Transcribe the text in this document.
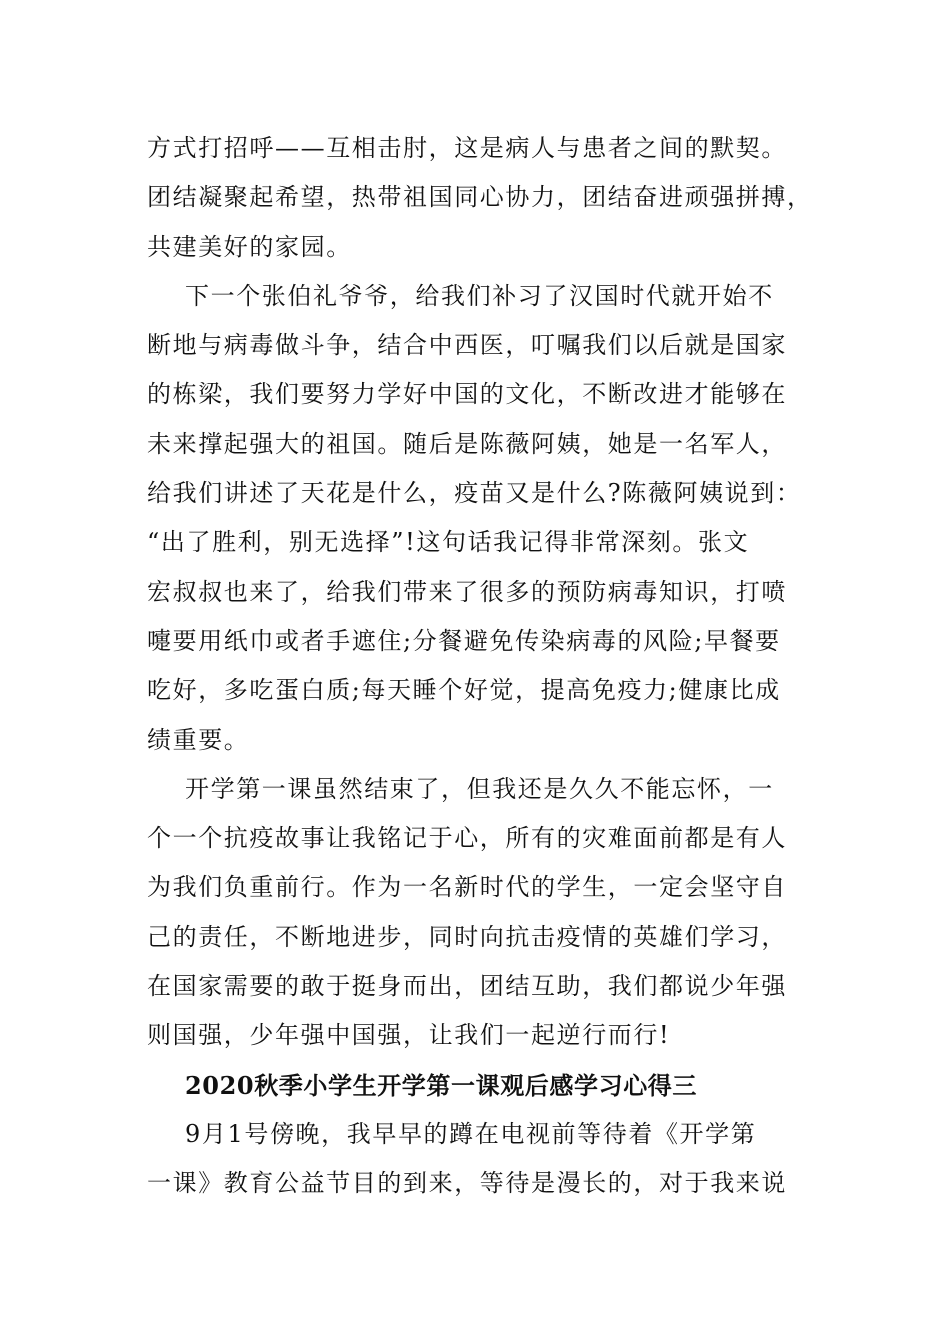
方式打招呼——互相击肘，这是病人与患者之间的默契。
团结凝聚起希望，热带祖国同心协力，团结奋进顽强拼搏，
共建美好的家园。
下一个张伯礼爷爷，给我们补习了汉国时代就开始不
断地与病毒做斗争，结合中西医，叮嘱我们以后就是国家
的栋梁，我们要努力学好中国的文化，不断改进才能够在
未来撑起强大的祖国。随后是陈薇阿姨，她是一名军人，
给我们讲述了天花是什么，疫苗又是什么?陈薇阿姨说到：
“出了胜利，别无选择”!这句话我记得非常深刻。张文
宏叔叔也来了，给我们带来了很多的预防病毒知识，打喷
嚏要用纸巾或者手遮住;分餐避免传染病毒的风险;早餐要
吃好，多吃蛋白质;每天睡个好觉，提高免疫力;健康比成
绩重要。
开学第一课虽然结束了，但我还是久久不能忘怀，一
个一个抗疫故事让我铭记于心，所有的灾难面前都是有人
为我们负重前行。作为一名新时代的学生，一定会坚守自
己的责任，不断地进步，同时向抗击疫情的英雄们学习，
在国家需要的敢于挺身而出，团结互助，我们都说少年强
则国强，少年强中国强，让我们一起逆行而行!
2020秋季小学生开学第一课观后感学习心得三
9月1号傍晚，我早早的蹲在电视前等待着《开学第
一课》教育公益节目的到来，等待是漫长的，对于我来说
